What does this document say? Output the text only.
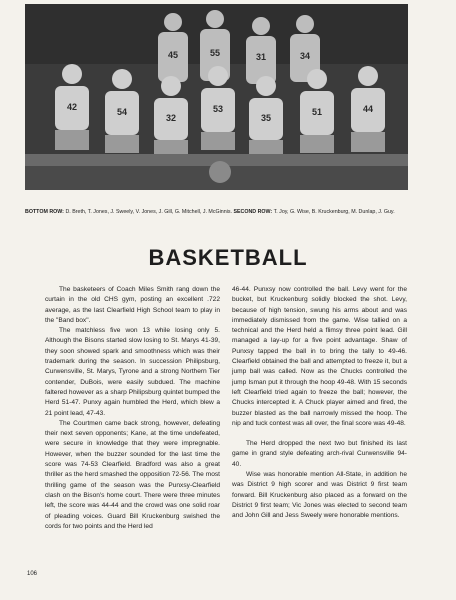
45	55	31	34
42	54
32
53
35
51	44
BOTTOM ROW: D. Breth, T. Jones, J. Sweely, V. Jones, J. Gill, G. Mitchell, J. McGinnis. SECOND ROW: T. Joy, G. Wise, B. Kruckenburg, M. Dunlap, J. Guy.
BASKETBALL

The basketeers of Coach Miles Smith rang down the curtain in the old CHS gym, posting an excellent .722 average, as the last Clearfield High School team to play in the "Band box".

The matchless five won 13 while losing only 5. Although the Bisons started slow losing to St. Marys 41-39, they soon showed spark and smoothness which was their trademark during the season. In succession Philipsburg, Curwensville, St. Marys, Tyrone and a strong Northern Tier contender, DuBois, were easily subdued. The machine faltered however as a sharp Philipsburg quintet bumped the Herd 51-47. Punxy again humbled the Herd, which blew a 21 point lead, 47-43.

The Courtmen came back strong, however, defeating their next seven opponents; Kane, at the time undefeated, were secure in knowledge that they were impregnable. However, when the buzzer sounded for the last time the score was 74-53 Clearfield. Bradford was also a great thriller as the herd smashed the opposition 72-56. The most thrilling game of the season was the Punxsy-Clearfield clash on the Bison's home court. There were three minutes left, the score was 44-44 and the crowd was one solid roar of pleading voices. Guard Bill Kruckenburg swished the cords for two points and the Herd led

46-44. Punxsy now controlled the ball. Levy went for the bucket, but Kruckenburg solidly blocked the shot. Levy, because of high tension, swung his arms about and was immediately dismissed from the game. Wise tallied on a technical and the Herd held a flimsy three point lead. Gill managed a lay-up for a five point advantage. Shaw of Punxsy tapped the ball in to bring the tally to 49-46. Clearfield obtained the ball and attempted to freeze it, but a jump ball was called. Now as the Chucks controlled the jump Isman put it through the hoop 49-48. With 15 seconds left Clearfield tried again to freeze the ball; however, the Chucks intercepted it. A Chuck player aimed and fired, the buzzer blasted as the ball narrowly missed the hoop. The nip and tuck contest was all over, the final score was 49-48.

The Herd dropped the next two but finished its last game in grand style defeating arch-rival Curwensville 94-40.

Wise was honorable mention All-State, in addition he was District 9 high scorer and was District 9 first team forward. Bill Kruckenburg also placed as a forward on the District 9 first team; Vic Jones was elected to second team and John Gill and Jess Sweely were honorable mentions.

106
